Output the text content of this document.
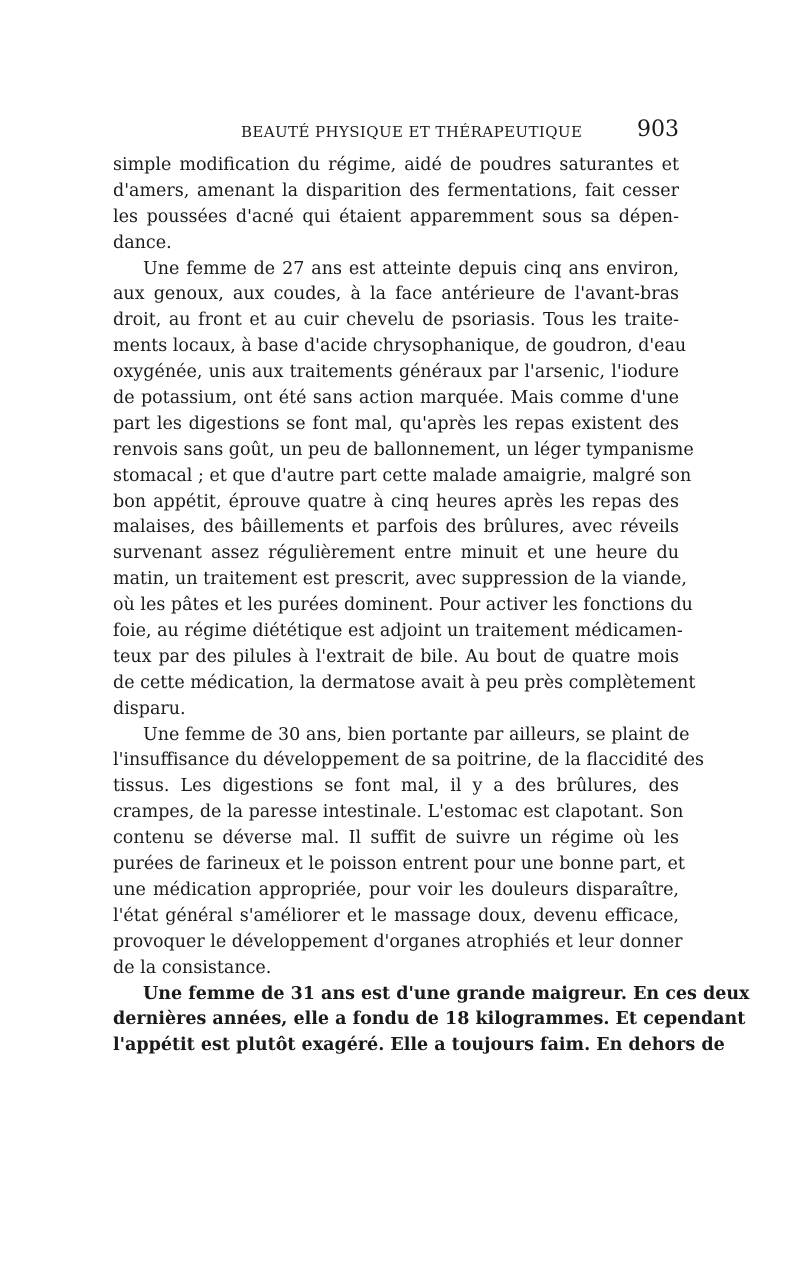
BEAUTÉ PHYSIQUE ET THÉRAPEUTIQUE 903
simple modification du régime, aidé de poudres saturantes et
d'amers, amenant la disparition des fermentations, fait cesser
les poussées d'acné qui étaient apparemment sous sa dépen-
dance.
Une femme de 27 ans est atteinte depuis cinq ans environ,
aux genoux, aux coudes, à la face antérieure de l'avant-bras
droit, au front et au cuir chevelu de psoriasis. Tous les traite-
ments locaux, à base d'acide chrysophanique, de goudron, d'eau
oxygénée, unis aux traitements généraux par l'arsenic, l'iodure
de potassium, ont été sans action marquée. Mais comme d'une
part les digestions se font mal, qu'après les repas existent des
renvois sans goût, un peu de ballonnement, un léger tympanisme
stomacal ; et que d'autre part cette malade amaigrie, malgré son
bon appétit, éprouve quatre à cinq heures après les repas des
malaises, des bâillements et parfois des brûlures, avec réveils
survenant assez régulièrement entre minuit et une heure du
matin, un traitement est prescrit, avec suppression de la viande,
où les pâtes et les purées dominent. Pour activer les fonctions du
foie, au régime diététique est adjoint un traitement médicamen-
teux par des pilules à l'extrait de bile. Au bout de quatre mois
de cette médication, la dermatose avait à peu près complètement
disparu.
Une femme de 30 ans, bien portante par ailleurs, se plaint de
l'insuffisance du développement de sa poitrine, de la flaccidité des
tissus. Les digestions se font mal, il y a des brûlures, des
crampes, de la paresse intestinale. L'estomac est clapotant. Son
contenu se déverse mal. Il suffit de suivre un régime où les
purées de farineux et le poisson entrent pour une bonne part, et
une médication appropriée, pour voir les douleurs disparaître,
l'état général s'améliorer et le massage doux, devenu efficace,
provoquer le développement d'organes atrophiés et leur donner
de la consistance.
Une femme de 31 ans est d'une grande maigreur. En ces deux
dernières années, elle a fondu de 18 kilogrammes. Et cependant
l'appétit est plutôt exagéré. Elle a toujours faim. En dehors de
